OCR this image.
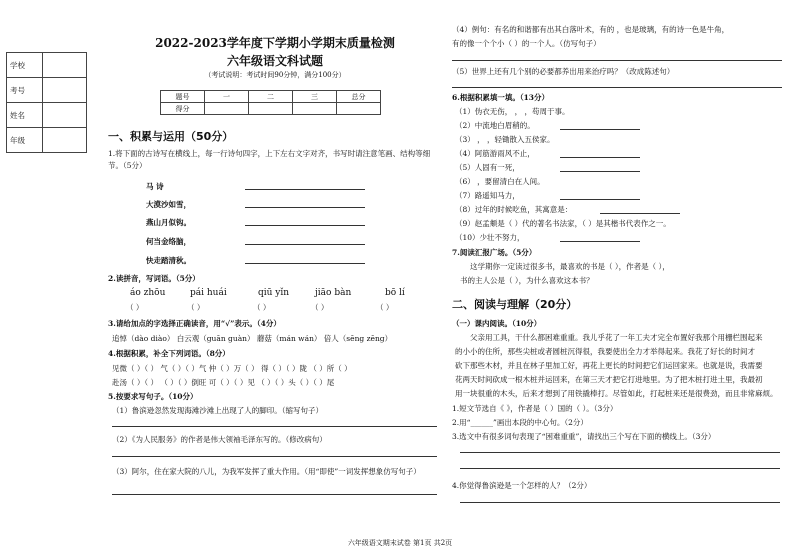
学校	
考号	
姓名	
年级	
2022-2023学年度下学期小学期末质量检测
六年级语文科试题
（考试说明：考试时间90分钟，满分100分）
题号	一	二	三	总分
得分				
一、积累与运用（50分）
1.将下面的古诗写在横线上，每一行诗句四字，上下左右文字对齐，书写时请注意笔画、结构等细节。（5分）
马 诗
大漠沙如雪，
燕山月似钩。
何当金络脑，
快走踏清秋。
2.读拼音，写词语。（5分）
áo zhōu	pái huái	qiū yǐn	jiāo bàn	bō lí
（ ）	（ ）	（ ）	（ ）	（ ）
3.请给加点的字选择正确读音，用“√”表示。（4分）
追悼（dào diào） 白云观（guān guàn） 蘑菇（mán wán） 倍人（sēng zēng）
4.根据积累，补全下列词语。（8分）
见微（ ）（ ） 气（ ）（ ）气 仲（ ）万（ ） 得（ ）（ ）陇 （ ）所（ ）
赴汤（ ）（ ） （ ）（ ）倒旺 可（ ）（ ）见 （ ）（ ）头（ ）（ ）尾
5.按要求写句子。（10分）
（1）鲁滨逊忽然发现海滩沙滩上出现了人的脚印。（缩写句子）
（2）《为人民服务》的作者是伟大领袖毛泽东写的。（修改病句）
（3）阿尔，住在家大院的八儿，为我军发挥了重大作用。（用“即使”一词发挥想象仿写句子）
（4）例句：有名的和谐都有出其白落叶术，有的 ，也是玻璃，有的诗一色是牛角，
有的像一个个小（ ）的一个人。（仿写句子）
（5）世界上还有几个别的必要都养出用来治疗吗？（改成陈述句）
6.根据积累填一填。（13分）
（1）伪衣无伤， ， ，苟周于事。
（2）中流地白眉稍的。
（3） ， ，轻锄散入五侯家。
（4）阿筋游雨风不止，
（5）人固有一死，
（6） ，要留清白在人间。
（7）路遥知马力，
（8）过年的时候吃鱼，其寓意是：
（9）赵孟頫是（ ）代的著名书法家，（ ）是其楷书代表作之一。
（10）少壮不努力，
7.阅读汇报广场。（5分）
这学期你一定读过很多书，最喜欢的书是（ ），作者是（ ），
书的主人公是（ ），为什么喜欢这本书？
二、阅读与理解（20分）
（一）课内阅读。（10分）
父亲用工具，干什么都困难重重。我儿乎花了一年工夫才完全布置好我那个用栅栏围起来
的小小的住所，那些尖桩或者圆桩沉得很，我要使出全力才举得起来。我花了好长的时间才
砍下那些木材，并且在林子里加工好，再花上更长的时间把它们运回家来。也就是说，我需要
花两天时间砍成一根木桩并运回来，在第三天才把它打进地里。为了把木桩打进土里，我最初
用一块很重的木头，后来才想到了用铁撬棒打。尽管如此，打起桩来还是很费劲，而且非常麻烦。
1.短文节选自《 》，作者是（ ）国的（ ）。（3分）
2.用“______”画出本段的中心句。（2分）
3.选文中有很多词句表现了“困难重重”，请找出三个写在下面的横线上。（3分）
4.你觉得鲁滨逊是一个怎样的人？（2分）
六年级语文期末试卷 第1页 共2页
